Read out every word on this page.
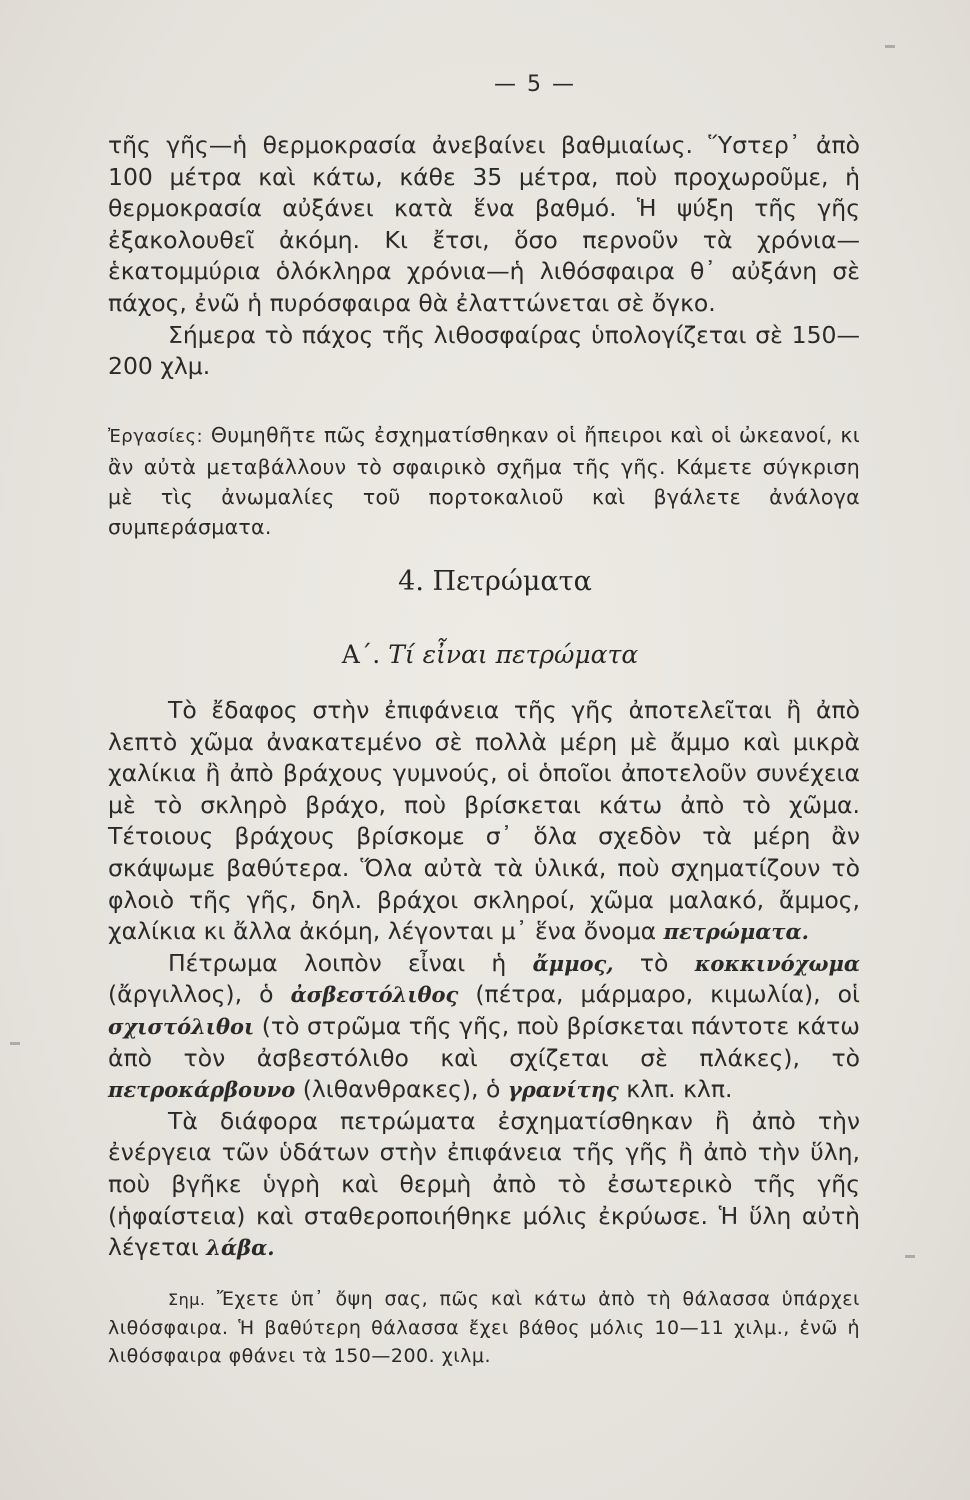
— 5 —

τῆς γῆς—ἡ θερμοκρασία ἀνεβαίνει βαθμιαίως. Ὕστερ᾽ ἀπὸ 100 μέτρα καὶ κάτω, κάθε 35 μέτρα, ποὺ προχωροῦμε, ἡ θερμοκρασία αὐξάνει κατὰ ἕνα βαθμό. Ἡ ψύξη τῆς γῆς ἐξακολουθεῖ ἀκόμη. Κι ἔτσι, ὅσο περνοῦν τὰ χρόνια—ἑκατομμύρια ὁλόκληρα χρόνια—ἡ λιθόσφαιρα θ᾽ αὐξάνη σὲ πάχος, ἐνῶ ἡ πυρόσφαιρα θὰ ἐλαττώνεται σὲ ὄγκο.

Σήμερα τὸ πάχος τῆς λιθοσφαίρας ὑπολογίζεται σὲ 150—200 χλμ.

Ἐργασίες: Θυμηθῆτε πῶς ἐσχηματίσθηκαν οἱ ἤπειροι καὶ οἱ ὠκεανοί, κι ἂν αὐτὰ μεταβάλλουν τὸ σφαιρικὸ σχῆμα τῆς γῆς. Κάμετε σύγκριση μὲ τὶς ἀνωμαλίες τοῦ πορτοκαλιοῦ καὶ βγάλετε ἀνάλογα συμπεράσματα.

4. Πετρώματα
Α΄. Τί εἶναι πετρώματα

Τὸ ἔδαφος στὴν ἐπιφάνεια τῆς γῆς ἀποτελεῖται ἢ ἀπὸ λεπτὸ χῶμα ἀνακατεμένο σὲ πολλὰ μέρη μὲ ἄμμο καὶ μικρὰ χαλίκια ἢ ἀπὸ βράχους γυμνούς, οἱ ὁποῖοι ἀποτελοῦν συνέχεια μὲ τὸ σκληρὸ βράχο, ποὺ βρίσκεται κάτω ἀπὸ τὸ χῶμα. Τέτοιους βράχους βρίσκομε σ᾽ ὅλα σχεδὸν τὰ μέρη ἂν σκάψωμε βαθύτερα. Ὅλα αὐτὰ τὰ ὑλικά, ποὺ σχηματίζουν τὸ φλοιὸ τῆς γῆς, δηλ. βράχοι σκληροί, χῶμα μαλακό, ἄμμος, χαλίκια κι ἄλλα ἀκόμη, λέγονται μ᾽ ἕνα ὄνομα πετρώματα.

Πέτρωμα λοιπὸν εἶναι ἡ ἄμμος, τὸ κοκκινόχωμα (ἄργιλλος), ὁ ἀσβεστόλιθος (πέτρα, μάρμαρο, κιμωλία), οἱ σχιστόλιθοι (τὸ στρῶμα τῆς γῆς, ποὺ βρίσκεται πάντοτε κάτω ἀπὸ τὸν ἀσβεστόλιθο καὶ σχίζεται σὲ πλάκες), τὸ πετροκάρβουνο (λιθανθρακες), ὁ γρανίτης κλπ. κλπ.

Τὰ διάφορα πετρώματα ἐσχηματίσθηκαν ἢ ἀπὸ τὴν ἐνέργεια τῶν ὑδάτων στὴν ἐπιφάνεια τῆς γῆς ἢ ἀπὸ τὴν ὕλη, ποὺ βγῆκε ὑγρὴ καὶ θερμὴ ἀπὸ τὸ ἐσωτερικὸ τῆς γῆς (ἡφαίστεια) καὶ σταθεροποιήθηκε μόλις ἐκρύωσε. Ἡ ὕλη αὐτὴ λέγεται λάβα.

Σημ. Ἔχετε ὑπ᾽ ὄψη σας, πῶς καὶ κάτω ἀπὸ τὴ θάλασσα ὑπάρχει λιθόσφαιρα. Ἡ βαθύτερη θάλασσα ἔχει βάθος μόλις 10—11 χιλμ., ἐνῶ ἡ λιθόσφαιρα φθάνει τὰ 150—200. χιλμ.
